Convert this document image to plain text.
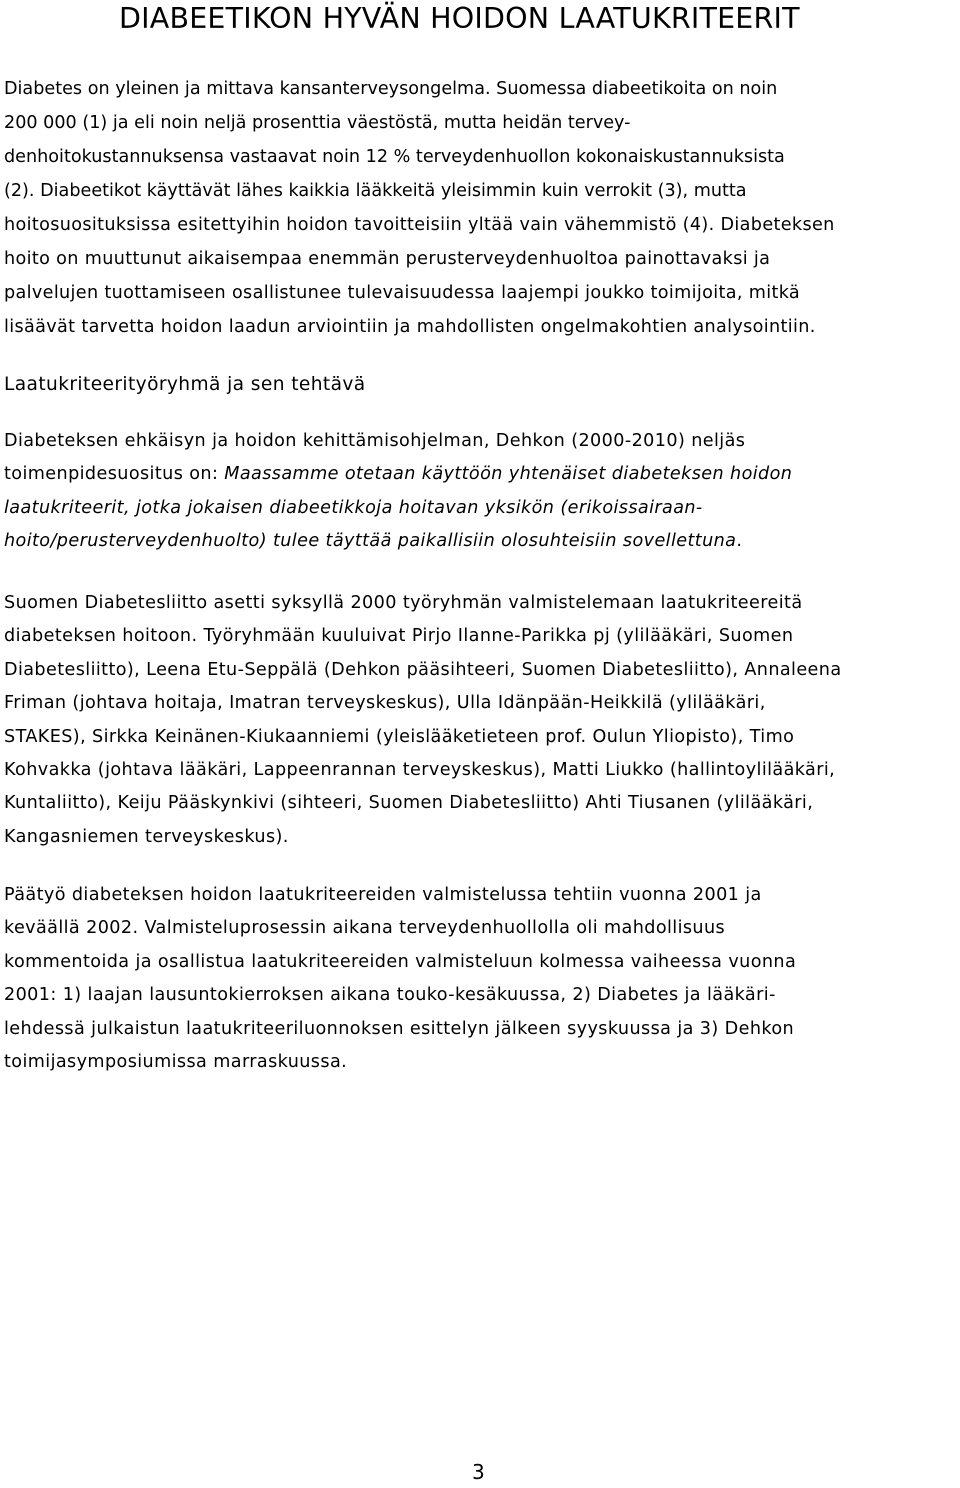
DIABEETIKON HYVÄN HOIDON LAATUKRITEERIT

Diabetes on yleinen ja mittava kansanterveysongelma. Suomessa diabeetikoita on noin
200 000 (1) ja eli noin neljä prosenttia väestöstä, mutta heidän tervey-
denhoitokustannuksensa vastaavat noin 12 % terveydenhuollon kokonaiskustannuksista
(2). Diabeetikot käyttävät lähes kaikkia lääkkeitä yleisimmin kuin verrokit (3), mutta
hoitosuosituksissa esitettyihin hoidon tavoitteisiin yltää vain vähemmistö (4). Diabeteksen
hoito on muuttunut aikaisempaa enemmän perusterveydenhuoltoa painottavaksi ja
palvelujen tuottamiseen osallistunee tulevaisuudessa laajempi joukko toimijoita, mitkä
lisäävät tarvetta hoidon laadun arviointiin ja mahdollisten ongelmakohtien analysointiin.

Laatukriteerityöryhmä ja sen tehtävä

Diabeteksen ehkäisyn ja hoidon kehittämisohjelman, Dehkon (2000-2010) neljäs
toimenpidesuositus on: Maassamme otetaan käyttöön yhtenäiset diabeteksen hoidon
laatukriteerit, jotka jokaisen diabeetikkoja hoitavan yksikön (erikoissairaan-
hoito/perusterveydenhuolto) tulee täyttää paikallisiin olosuhteisiin sovellettuna.

Suomen Diabetesliitto asetti syksyllä 2000 työryhmän valmistelemaan laatukriteereitä
diabeteksen hoitoon. Työryhmään kuuluivat Pirjo Ilanne-Parikka pj (ylilääkäri, Suomen
Diabetesliitto), Leena Etu-Seppälä (Dehkon pääsihteeri, Suomen Diabetesliitto), Annaleena
Friman (johtava hoitaja, Imatran terveyskeskus), Ulla Idänpään-Heikkilä (ylilääkäri,
STAKES), Sirkka Keinänen-Kiukaanniemi (yleislääketieteen prof. Oulun Yliopisto), Timo
Kohvakka (johtava lääkäri, Lappeenrannan terveyskeskus), Matti Liukko (hallintoylilääkäri,
Kuntaliitto), Keiju Pääskynkivi (sihteeri, Suomen Diabetesliitto) Ahti Tiusanen (ylilääkäri,
Kangasniemen terveyskeskus).

Päätyö diabeteksen hoidon laatukriteereiden valmistelussa tehtiin vuonna 2001 ja
keväällä 2002. Valmisteluprosessin aikana terveydenhuollolla oli mahdollisuus
kommentoida ja osallistua laatukriteereiden valmisteluun kolmessa vaiheessa vuonna
2001: 1) laajan lausuntokierroksen aikana touko-kesäkuussa, 2) Diabetes ja lääkäri-
lehdessä julkaistun laatukriteeriluonnoksen esittelyn jälkeen syyskuussa ja 3) Dehkon
toimijasymposiumissa marraskuussa.

3
